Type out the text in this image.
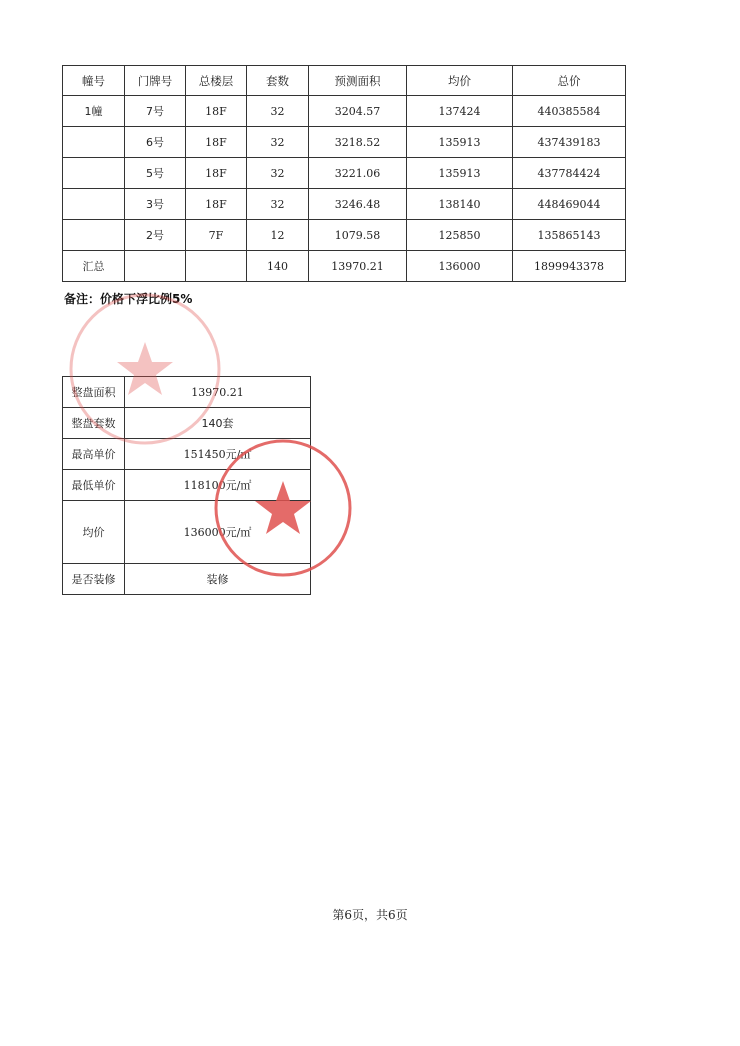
幢号	门牌号	总楼层	套数	预测面积	均价	总价
1幢	7号	18F	32	3204.57	137424	440385584
	6号	18F	32	3218.52	135913	437439183
	5号	18F	32	3221.06	135913	437784424
	3号	18F	32	3246.48	138140	448469044
	2号	7F	12	1079.58	125850	135865143
汇总			140	13970.21	136000	1899943378
备注：价格下浮比例5%
整盘面积	13970.21
整盘套数	140套
最高单价	151450元/㎡
最低单价	118100元/㎡
均价	136000元/㎡
是否装修	装修
第6页，共6页
